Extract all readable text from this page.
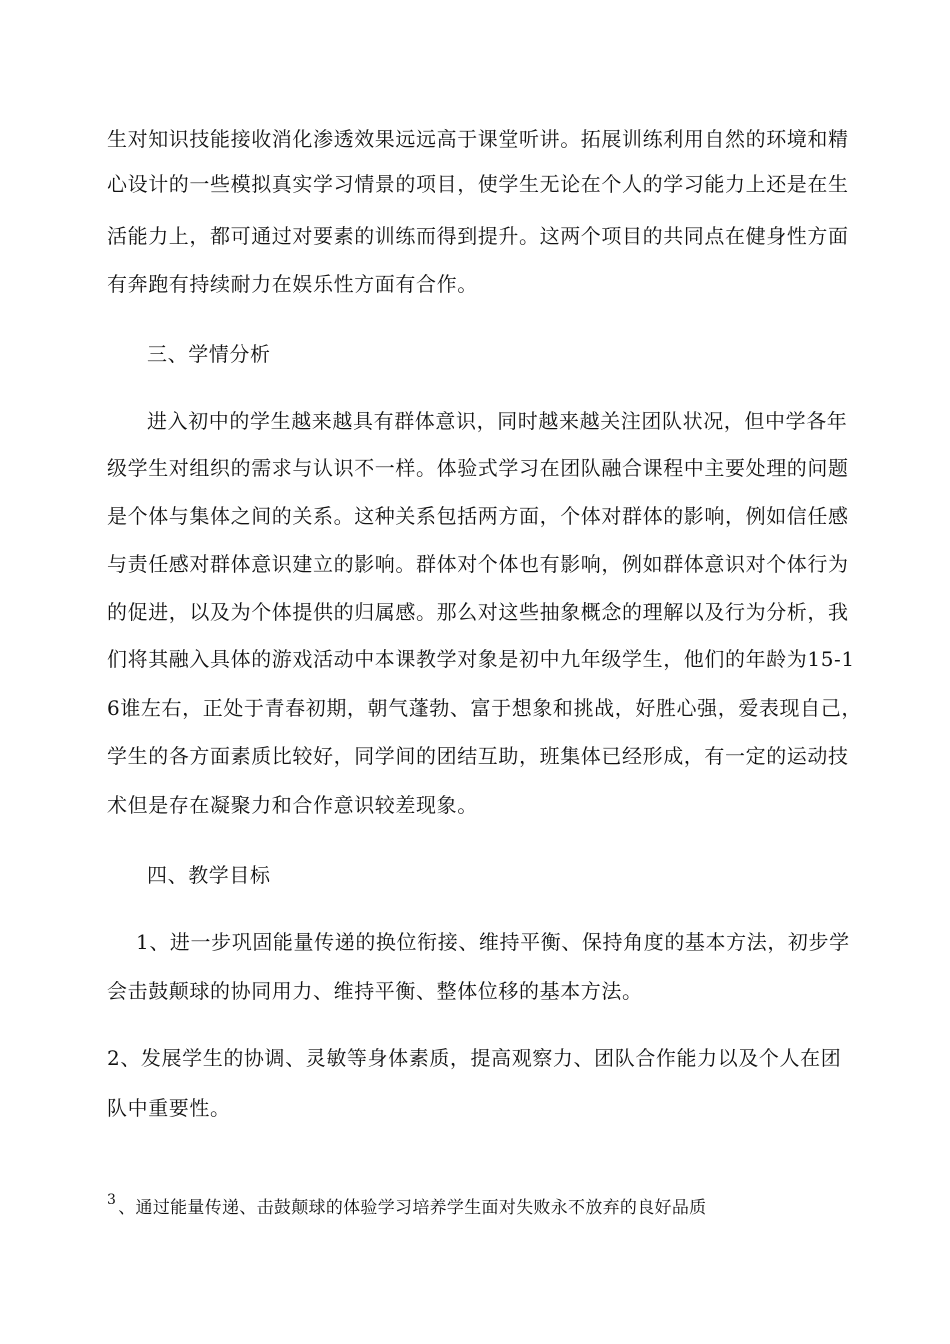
生对知识技能接收消化渗透效果远远高于课堂听讲。拓展训练利用自然的环境和精

心设计的一些模拟真实学习情景的项目，使学生无论在个人的学习能力上还是在生

活能力上，都可通过对要素的训练而得到提升。这两个项目的共同点在健身性方面

有奔跑有持续耐力在娱乐性方面有合作。

三、学情分析

进入初中的学生越来越具有群体意识，同时越来越关注团队状况，但中学各年

级学生对组织的需求与认识不一样。体验式学习在团队融合课程中主要处理的问题

是个体与集体之间的关系。这种关系包括两方面，个体对群体的影响，例如信任感

与责任感对群体意识建立的影响。群体对个体也有影响，例如群体意识对个体行为

的促进，以及为个体提供的归属感。那么对这些抽象概念的理解以及行为分析，我

们将其融入具体的游戏活动中本课教学对象是初中九年级学生，他们的年龄为15-1

6谁左右，正处于青春初期，朝气蓬勃、富于想象和挑战，好胜心强，爱表现自己，

学生的各方面素质比较好，同学间的团结互助，班集体已经形成，有一定的运动技

术但是存在凝聚力和合作意识较差现象。

四、教学目标

1、进一步巩固能量传递的换位衔接、维持平衡、保持角度的基本方法，初步学

会击鼓颠球的协同用力、维持平衡、整体位移的基本方法。

2、发展学生的协调、灵敏等身体素质，提高观察力、团队合作能力以及个人在团

队中重要性。

$^3$ 、通过能量传递、击鼓颠球的体验学习培养学生面对失败永不放弃的良好品质
